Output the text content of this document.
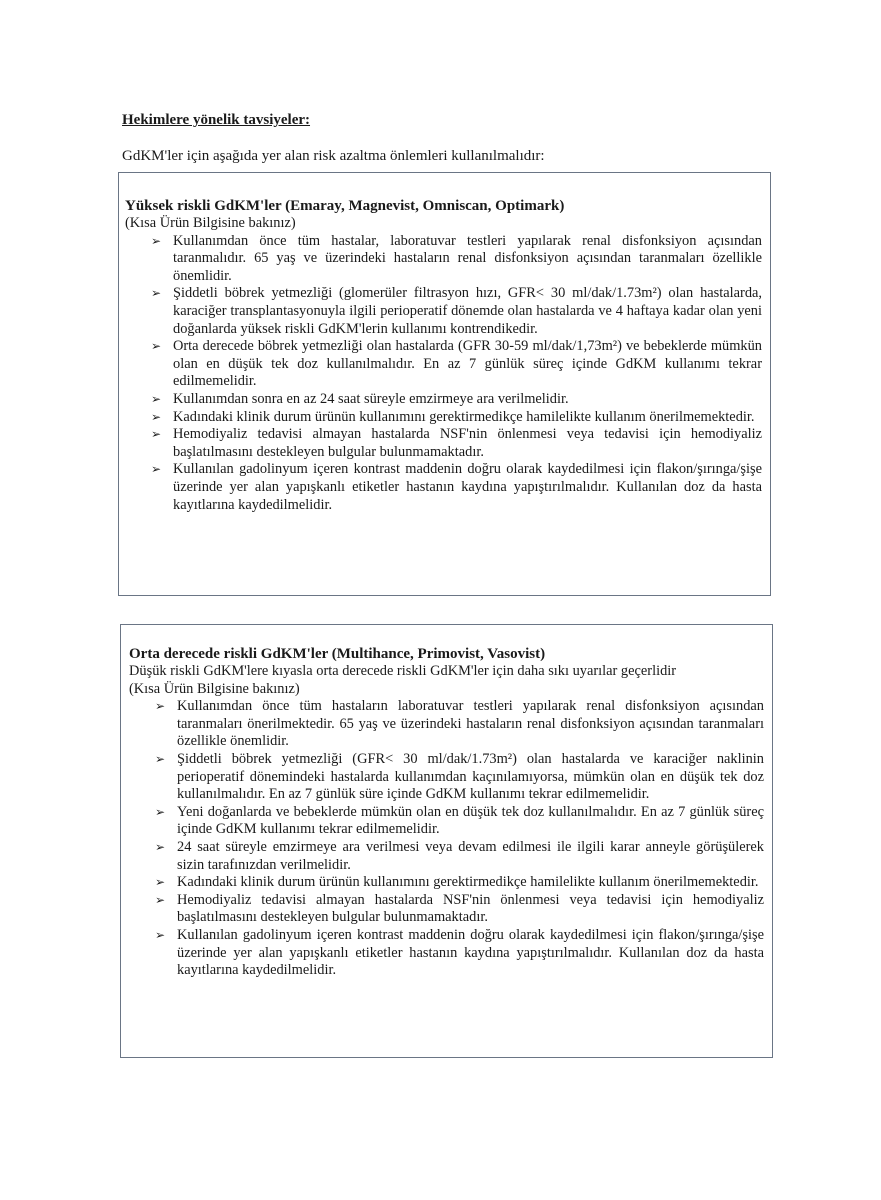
Hekimlere yönelik tavsiyeler:
GdKM'ler için aşağıda yer alan risk azaltma önlemleri kullanılmalıdır:
Yüksek riskli GdKM'ler (Emaray, Magnevist, Omniscan, Optimark)
(Kısa Ürün Bilgisine bakınız)
➢ Kullanımdan önce tüm hastalar, laboratuvar testleri yapılarak renal disfonksiyon açısından taranmalıdır. 65 yaş ve üzerindeki hastaların renal disfonksiyon açısından taranmaları özellikle önemlidir.
➢ Şiddetli böbrek yetmezliği (glomerüler filtrasyon hızı, GFR< 30 ml/dak/1.73m²) olan hastalarda, karaciğer transplantasyonuyla ilgili perioperatif dönemde olan hastalarda ve 4 haftaya kadar olan yeni doğanlarda yüksek riskli GdKM'lerin kullanımı kontrendikedir.
➢ Orta derecede böbrek yetmezliği olan hastalarda (GFR 30-59 ml/dak/1,73m²) ve bebeklerde mümkün olan en düşük tek doz kullanılmalıdır. En az 7 günlük süreç içinde GdKM kullanımı tekrar edilmemelidir.
➢ Kullanımdan sonra en az 24 saat süreyle emzirmeye ara verilmelidir.
➢ Kadındaki klinik durum ürünün kullanımını gerektirmedikçe hamilelikte kullanım önerilmemektedir.
➢ Hemodiyaliz tedavisi almayan hastalarda NSF'nin önlenmesi veya tedavisi için hemodiyaliz başlatılmasını destekleyen bulgular bulunmamaktadır.
➢ Kullanılan gadolinyum içeren kontrast maddenin doğru olarak kaydedilmesi için flakon/şırınga/şişe üzerinde yer alan yapışkanlı etiketler hastanın kaydına yapıştırılmalıdır. Kullanılan doz da hasta kayıtlarına kaydedilmelidir.
Orta derecede riskli GdKM'ler (Multihance, Primovist, Vasovist)
Düşük riskli GdKM'lere kıyasla orta derecede riskli GdKM'ler için daha sıkı uyarılar geçerlidir
(Kısa Ürün Bilgisine bakınız)
➢ Kullanımdan önce tüm hastaların laboratuvar testleri yapılarak renal disfonksiyon açısından taranmaları önerilmektedir. 65 yaş ve üzerindeki hastaların renal disfonksiyon açısından taranmaları özellikle önemlidir.
➢ Şiddetli böbrek yetmezliği (GFR< 30 ml/dak/1.73m²) olan hastalarda ve karaciğer naklinin perioperatif dönemindeki hastalarda kullanımdan kaçınılamıyorsa, mümkün olan en düşük tek doz kullanılmalıdır. En az 7 günlük süre içinde GdKM kullanımı tekrar edilmemelidir.
➢ Yeni doğanlarda ve bebeklerde mümkün olan en düşük tek doz kullanılmalıdır. En az 7 günlük süreç içinde GdKM kullanımı tekrar edilmemelidir.
➢ 24 saat süreyle emzirmeye ara verilmesi veya devam edilmesi ile ilgili karar anneyle görüşülerek sizin tarafınızdan verilmelidir.
➢ Kadındaki klinik durum ürünün kullanımını gerektirmedikçe hamilelikte kullanım önerilmemektedir.
➢ Hemodiyaliz tedavisi almayan hastalarda NSF'nin önlenmesi veya tedavisi için hemodiyaliz başlatılmasını destekleyen bulgular bulunmamaktadır.
➢ Kullanılan gadolinyum içeren kontrast maddenin doğru olarak kaydedilmesi için flakon/şırınga/şişe üzerinde yer alan yapışkanlı etiketler hastanın kaydına yapıştırılmalıdır. Kullanılan doz da hasta kayıtlarına kaydedilmelidir.
